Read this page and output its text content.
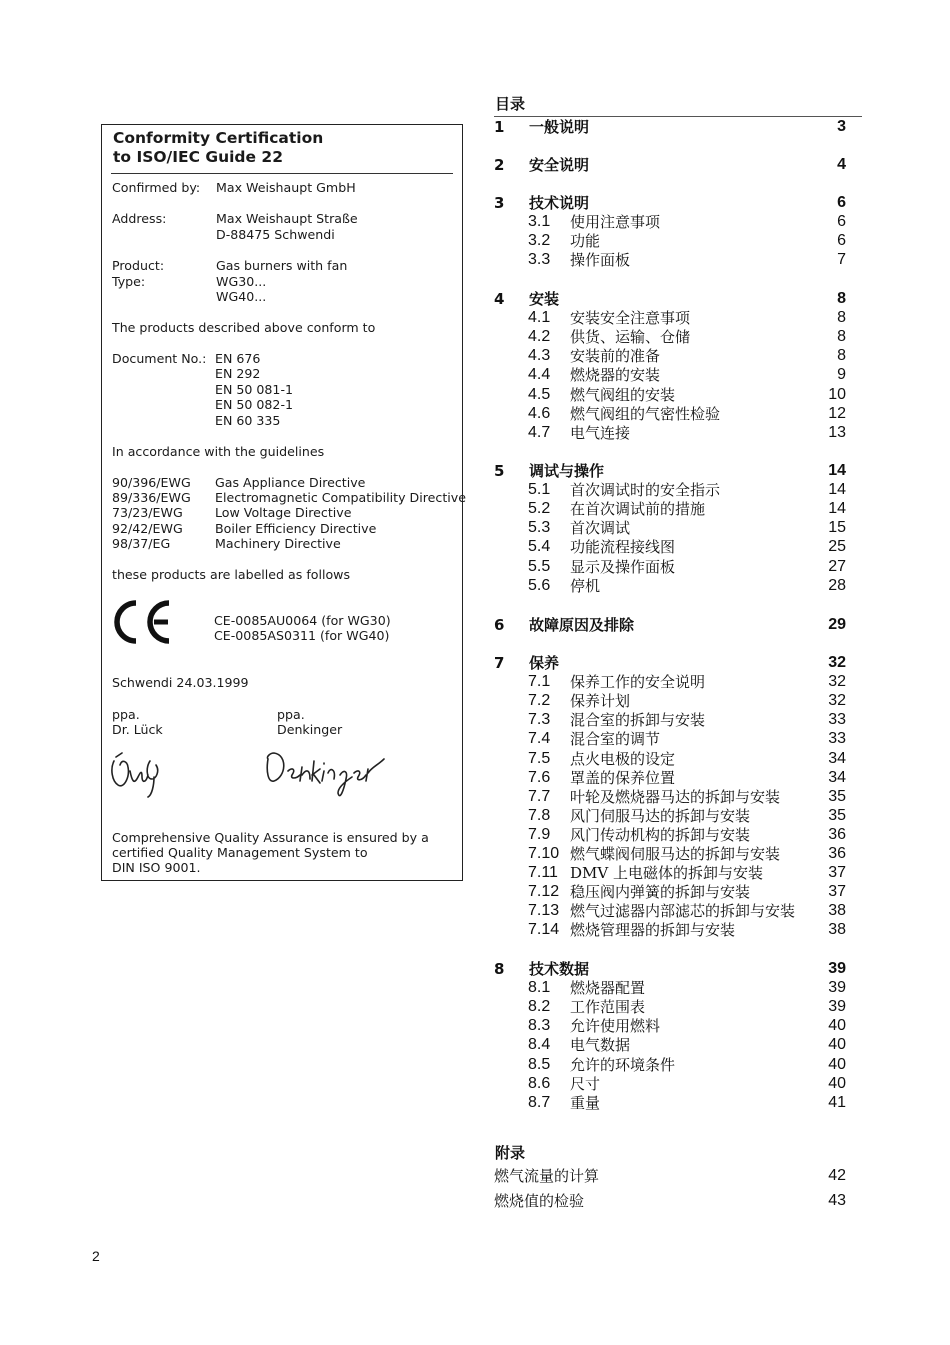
Conformity Certification
to ISO/IEC Guide 22
Confirmed by: Max Weishaupt GmbH
Address:	Max Weishaupt Straße
D-88475 Schwendi
Product:	Gas burners with fan
Type:	WG30...
WG40...
The products described above conform to
Document No.: EN 676
EN 292
EN 50 081-1
EN 50 082-1
EN 60 335
In accordance with the guidelines
90/396/EWG Gas Appliance Directive
89/336/EWG Electromagnetic Compatibility Directive
73/23/EWG	Low Voltage Directive
92/42/EWG	Boiler Efficiency Directive
98/37/EG	Machinery Directive
these products are labelled as follows
CE-0085AU0064 (for WG30)
CE-0085AS0311 (for WG40)
Schwendi 24.03.1999
ppa.
Dr. Lück
ppa.
Denkinger
Comprehensive Quality Assurance is ensured by a
certified Quality Management System to
DIN ISO 9001.
目录
1 一般说明	3
2 安全说明	4
3 技术说明	6
3.1 使用注意事项	6
3.2 功能	6
3.3 操作面板	7
4 安装	8
4.1 安装安全注意事项	8
4.2 供货、运输、仓储	8
4.3 安装前的准备	8
4.4 燃烧器的安装	9
4.5 燃气阀组的安装	10
4.6 燃气阀组的气密性检验	12
4.7 电气连接	13
5 调试与操作	14
5.1 首次调试时的安全指示	14
5.2 在首次调试前的措施	14
5.3 首次调试	15
5.4 功能流程接线图	25
5.5 显示及操作面板	27
5.6 停机	28
6 故障原因及排除	29
7 保养	32
7.1 保养工作的安全说明	32
7.2 保养计划	32
7.3 混合室的拆卸与安装	33
7.4 混合室的调节	33
7.5 点火电极的设定	34
7.6 罩盖的保养位置	34
7.7 叶轮及燃烧器马达的拆卸与安装	35
7.8 风门伺服马达的拆卸与安装	35
7.9 风门传动机构的拆卸与安装	36
7.10 燃气蝶阀伺服马达的拆卸与安装	36
7.11 DMV 上电磁体的拆卸与安装	37
7.12 稳压阀内弹簧的拆卸与安装	37
7.13 燃气过滤器内部滤芯的拆卸与安装 38
7.14 燃烧管理器的拆卸与安装	38
8 技术数据	39
8.1 燃烧器配置	39
8.2 工作范围表	39
8.3 允许使用燃料	40
8.4 电气数据	40
8.5 允许的环境条件	40
8.6 尺寸	40
8.7 重量	41
附录
燃气流量的计算	42
燃烧值的检验	43
2
